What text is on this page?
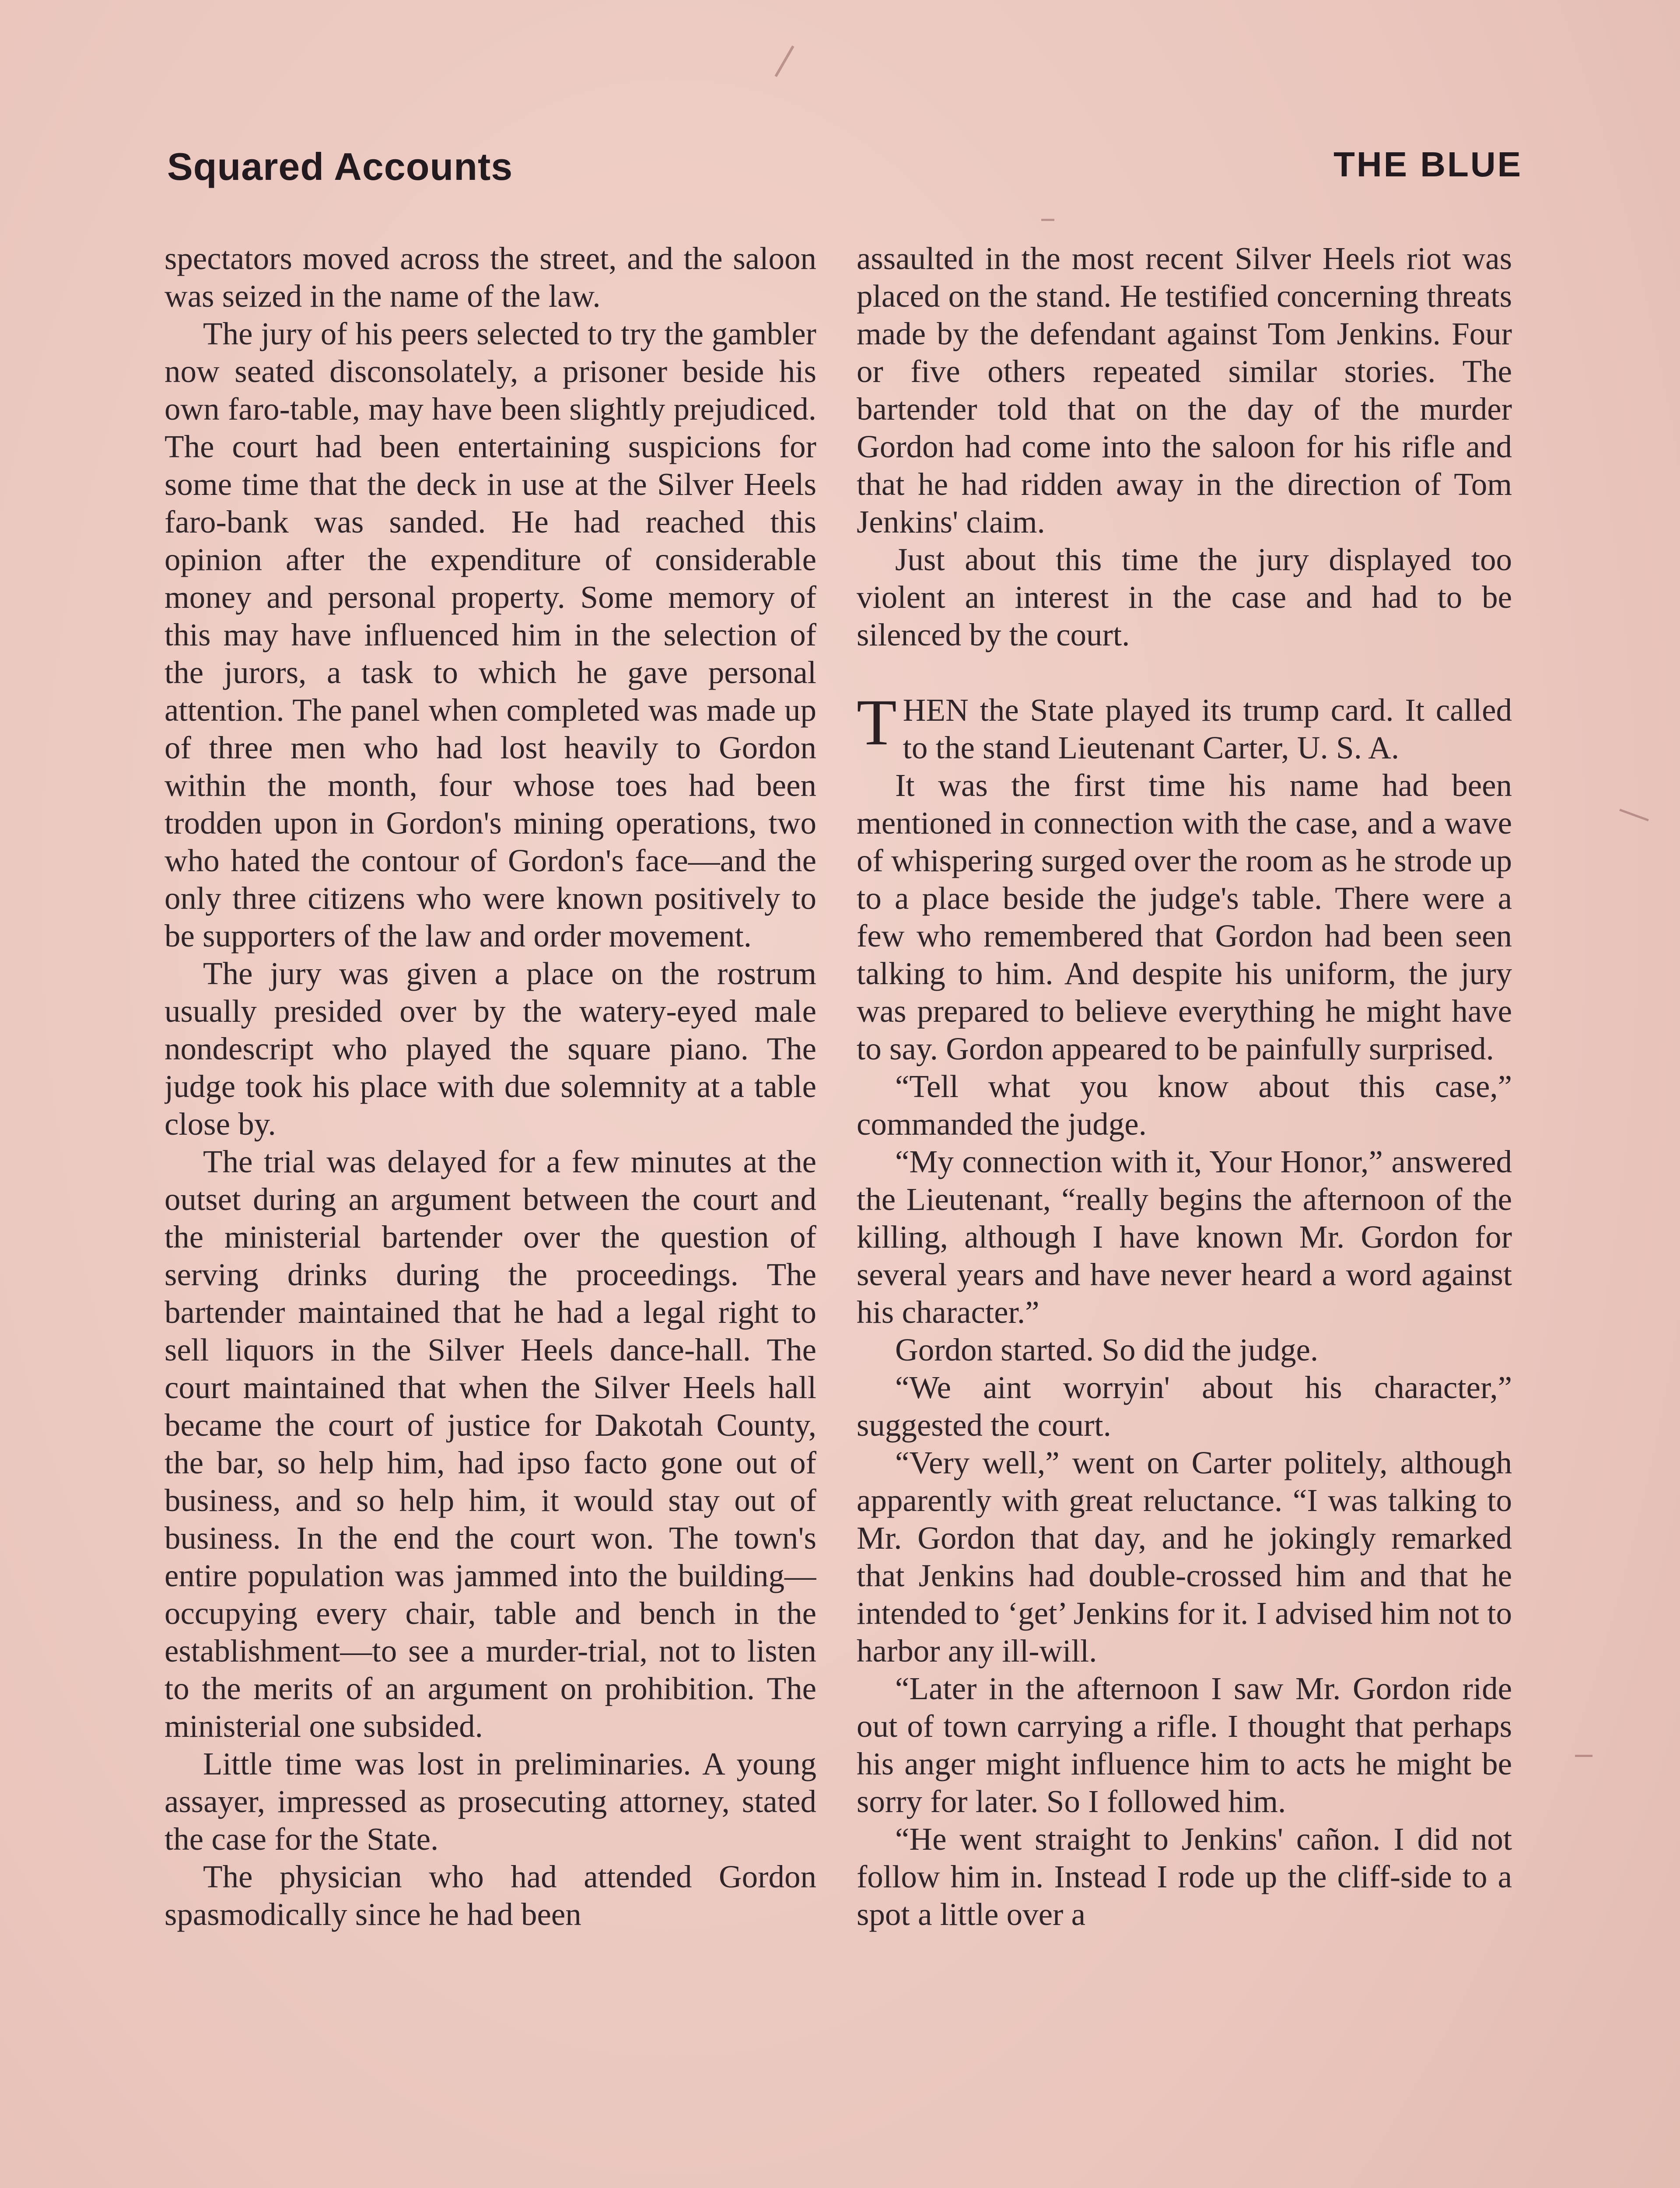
Squared Accounts	THE BLUE

spectators moved across the street, and the saloon was seized in the name of the law.

The jury of his peers selected to try the gambler now seated disconsolately, a prisoner beside his own faro-table, may have been slightly prejudiced. The court had been entertaining suspicions for some time that the deck in use at the Silver Heels faro-bank was sanded. He had reached this opinion after the expenditure of considerable money and personal property. Some memory of this may have influenced him in the selection of the jurors, a task to which he gave personal attention. The panel when completed was made up of three men who had lost heavily to Gordon within the month, four whose toes had been trodden upon in Gordon's mining operations, two who hated the contour of Gordon's face—and the only three citizens who were known positively to be supporters of the law and order movement.

The jury was given a place on the rostrum usually presided over by the watery-eyed male nondescript who played the square piano. The judge took his place with due solemnity at a table close by.

The trial was delayed for a few minutes at the outset during an argument between the court and the ministerial bartender over the question of serving drinks during the proceedings. The bartender maintained that he had a legal right to sell liquors in the Silver Heels dance-hall. The court maintained that when the Silver Heels hall became the court of justice for Dakotah County, the bar, so help him, had ipso facto gone out of business, and so help him, it would stay out of business. In the end the court won. The town's entire population was jammed into the building—occupying every chair, table and bench in the establishment—to see a murder-trial, not to listen to the merits of an argument on prohibition. The ministerial one subsided.

Little time was lost in preliminaries. A young assayer, impressed as prosecuting attorney, stated the case for the State.

The physician who had attended Gordon spasmodically since he had been

assaulted in the most recent Silver Heels riot was placed on the stand. He testified concerning threats made by the defendant against Tom Jenkins. Four or five others repeated similar stories. The bartender told that on the day of the murder Gordon had come into the saloon for his rifle and that he had ridden away in the direction of Tom Jenkins' claim.

Just about this time the jury displayed too violent an interest in the case and had to be silenced by the court.

THEN the State played its trump card. It called to the stand Lieutenant Carter, U. S. A.

It was the first time his name had been mentioned in connection with the case, and a wave of whispering surged over the room as he strode up to a place beside the judge's table. There were a few who remembered that Gordon had been seen talking to him. And despite his uniform, the jury was prepared to believe everything he might have to say. Gordon appeared to be painfully surprised.

“Tell what you know about this case,” commanded the judge.

“My connection with it, Your Honor,” answered the Lieutenant, “really begins the afternoon of the killing, although I have known Mr. Gordon for several years and have never heard a word against his character.”

Gordon started. So did the judge.

“We aint worryin' about his character,” suggested the court.

“Very well,” went on Carter politely, although apparently with great reluctance. “I was talking to Mr. Gordon that day, and he jokingly remarked that Jenkins had double-crossed him and that he intended to ‘get’ Jenkins for it. I advised him not to harbor any ill-will.

“Later in the afternoon I saw Mr. Gordon ride out of town carrying a rifle. I thought that perhaps his anger might influence him to acts he might be sorry for later. So I followed him.

“He went straight to Jenkins' cañon. I did not follow him in. Instead I rode up the cliff-side to a spot a little over a
